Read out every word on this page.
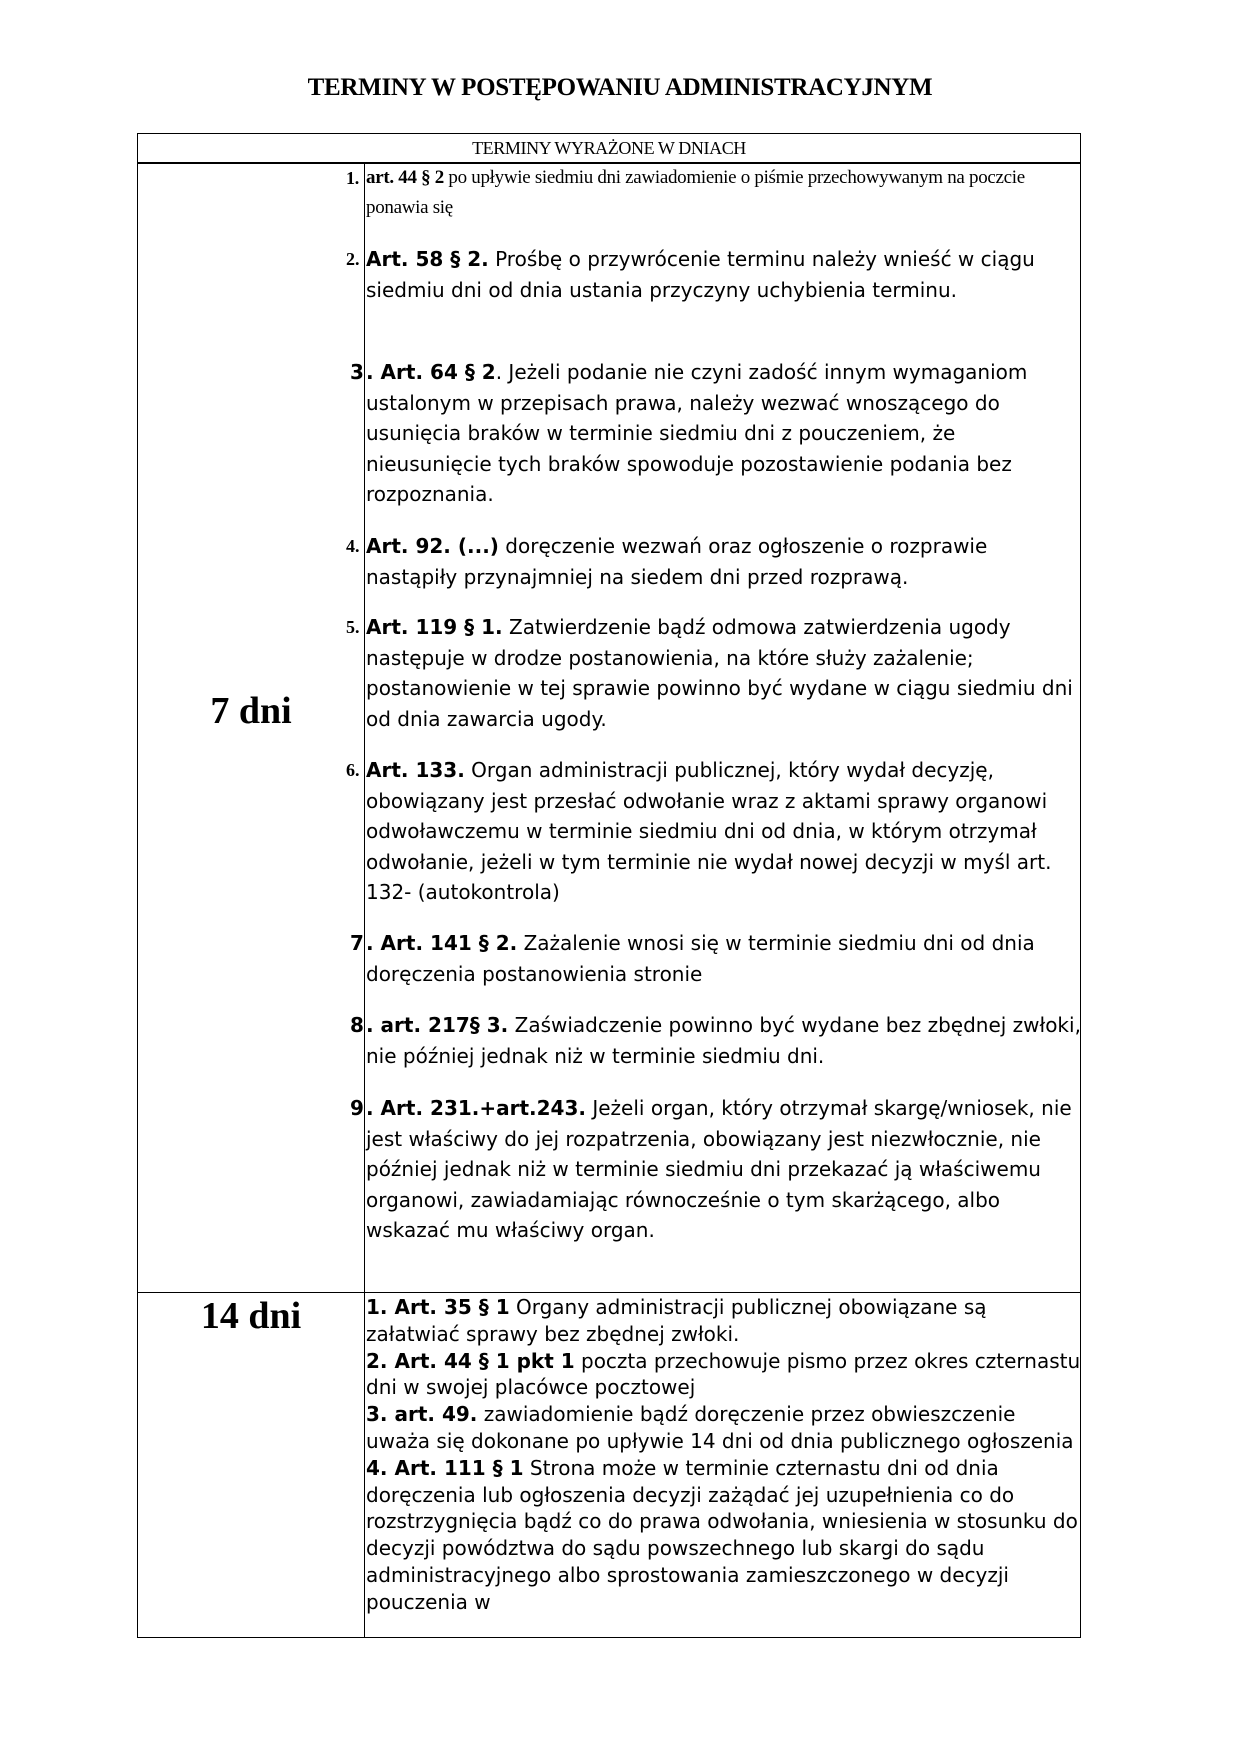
TERMINY W POSTĘPOWANIU ADMINISTRACYJNYM
TERMINY WYRAŻONE W DNIACH
7 dni
14 dni
1. art. 44 § 2 po upływie siedmiu dni zawiadomienie o piśmie przechowywanym na poczcie ponawia się
2. Art. 58 § 2. Prośbę o przywrócenie terminu należy wnieść w ciągu siedmiu dni od dnia ustania przyczyny uchybienia terminu.
3 . Art. 64 § 2. Jeżeli podanie nie czyni zadość innym wymaganiom ustalonym w przepisach prawa, należy wezwać wnoszącego do usunięcia braków w terminie siedmiu dni z pouczeniem, że nieusunięcie tych braków spowoduje pozostawienie podania bez rozpoznania.
4. Art. 92. (...) doręczenie wezwań oraz ogłoszenie o rozprawie nastąpiły przynajmniej na siedem dni przed rozprawą.
5. Art. 119 § 1. Zatwierdzenie bądź odmowa zatwierdzenia ugody następuje w drodze postanowienia, na które służy zażalenie; postanowienie w tej sprawie powinno być wydane w ciągu siedmiu dni od dnia zawarcia ugody.
6. Art. 133. Organ administracji publicznej, który wydał decyzję, obowiązany jest przesłać odwołanie wraz z aktami sprawy organowi odwoławczemu w terminie siedmiu dni od dnia, w którym otrzymał odwołanie, jeżeli w tym terminie nie wydał nowej decyzji w myśl art. 132- (autokontrola)
7 . Art. 141 § 2. Zażalenie wnosi się w terminie siedmiu dni od dnia doręczenia postanowienia stronie
8 . art. 217§ 3. Zaświadczenie powinno być wydane bez zbędnej zwłoki, nie później jednak niż w terminie siedmiu dni.
9 . Art. 231.+art.243. Jeżeli organ, który otrzymał skargę/wniosek, nie jest właściwy do jej rozpatrzenia, obowiązany jest niezwłocznie, nie później jednak niż w terminie siedmiu dni przekazać ją właściwemu organowi, zawiadamiając równocześnie o tym skarżącego, albo wskazać mu właściwy organ.
1. Art. 35 § 1 Organy administracji publicznej obowiązane są załatwiać sprawy bez zbędnej zwłoki.
2. Art. 44 § 1 pkt 1 poczta przechowuje pismo przez okres czternastu dni w swojej placówce pocztowej
3. art. 49. zawiadomienie bądź doręczenie przez obwieszczenie uważa się dokonane po upływie 14 dni od dnia publicznego ogłoszenia
4. Art. 111 § 1 Strona może w terminie czternastu dni od dnia doręczenia lub ogłoszenia decyzji zażądać jej uzupełnienia co do rozstrzygnięcia bądź co do prawa odwołania, wniesienia w stosunku do decyzji powództwa do sądu powszechnego lub skargi do sądu administracyjnego albo sprostowania zamieszczonego w decyzji pouczenia w
